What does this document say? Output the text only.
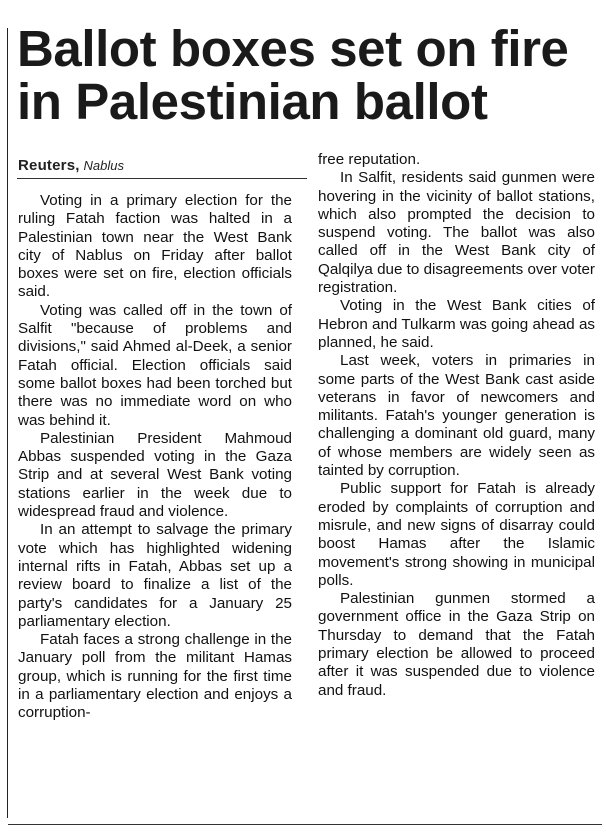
Ballot boxes set on fire in Palestinian ballot
Reuters, Nablus

Voting in a primary election for the ruling Fatah faction was halted in a Palestinian town near the West Bank city of Nablus on Friday after ballot boxes were set on fire, election officials said.

Voting was called off in the town of Salfit "because of problems and divisions," said Ahmed al-Deek, a senior Fatah official. Election officials said some ballot boxes had been torched but there was no immediate word on who was behind it.

Palestinian President Mahmoud Abbas suspended voting in the Gaza Strip and at several West Bank voting stations earlier in the week due to widespread fraud and violence.

In an attempt to salvage the primary vote which has highlighted widening internal rifts in Fatah, Abbas set up a review board to finalize a list of the party's candidates for a January 25 parliamentary election.

Fatah faces a strong challenge in the January poll from the militant Hamas group, which is running for the first time in a parliamentary election and enjoys a corruption-

free reputation.

In Salfit, residents said gunmen were hovering in the vicinity of ballot stations, which also prompted the decision to suspend voting. The ballot was also called off in the West Bank city of Qalqilya due to disagreements over voter registration.

Voting in the West Bank cities of Hebron and Tulkarm was going ahead as planned, he said.

Last week, voters in primaries in some parts of the West Bank cast aside veterans in favor of newcomers and militants. Fatah's younger generation is challenging a dominant old guard, many of whose members are widely seen as tainted by corruption.

Public support for Fatah is already eroded by complaints of corruption and misrule, and new signs of disarray could boost Hamas after the Islamic movement's strong showing in municipal polls.

Palestinian gunmen stormed a government office in the Gaza Strip on Thursday to demand that the Fatah primary election be allowed to proceed after it was suspended due to violence and fraud.
